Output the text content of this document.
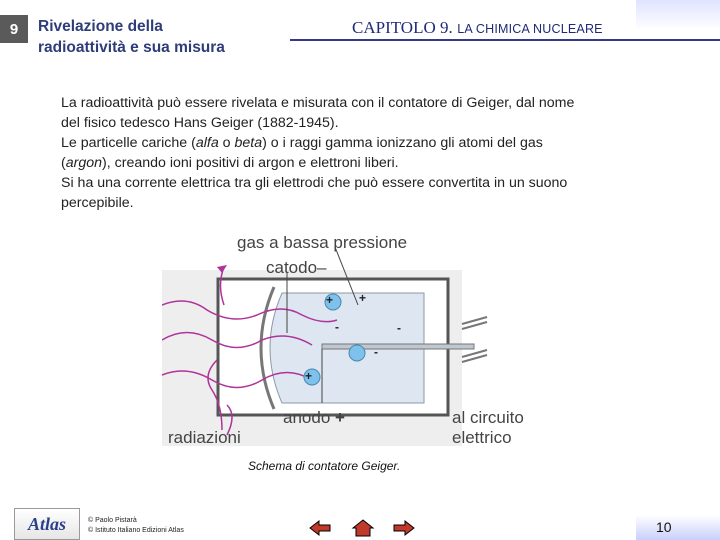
9	Rivelazione della
radioattività e sua misura
CAPITOLO 9. LA CHIMICA NUCLEARE

La radioattività può essere rivelata e misurata con il contatore di Geiger, dal nome

del fisico tedesco Hans Geiger (1882-1945).

Le particelle cariche (alfa o beta) o i raggi gamma ionizzano gli atomi del gas

(argon), creando ioni positivi di argon e elettroni liberi.

Si ha una corrente elettrica tra gli elettrodi che può essere convertita in un suono

percepibile.

gas a bassa pressione
catodo–
radiazioni
anodo +	al circuito
elettrico
+ +
+
-	-
-
Schema di contatore Geiger.
Atlas	© Paolo Pistarà
© Istituto Italiano Edizioni Atlas	10
